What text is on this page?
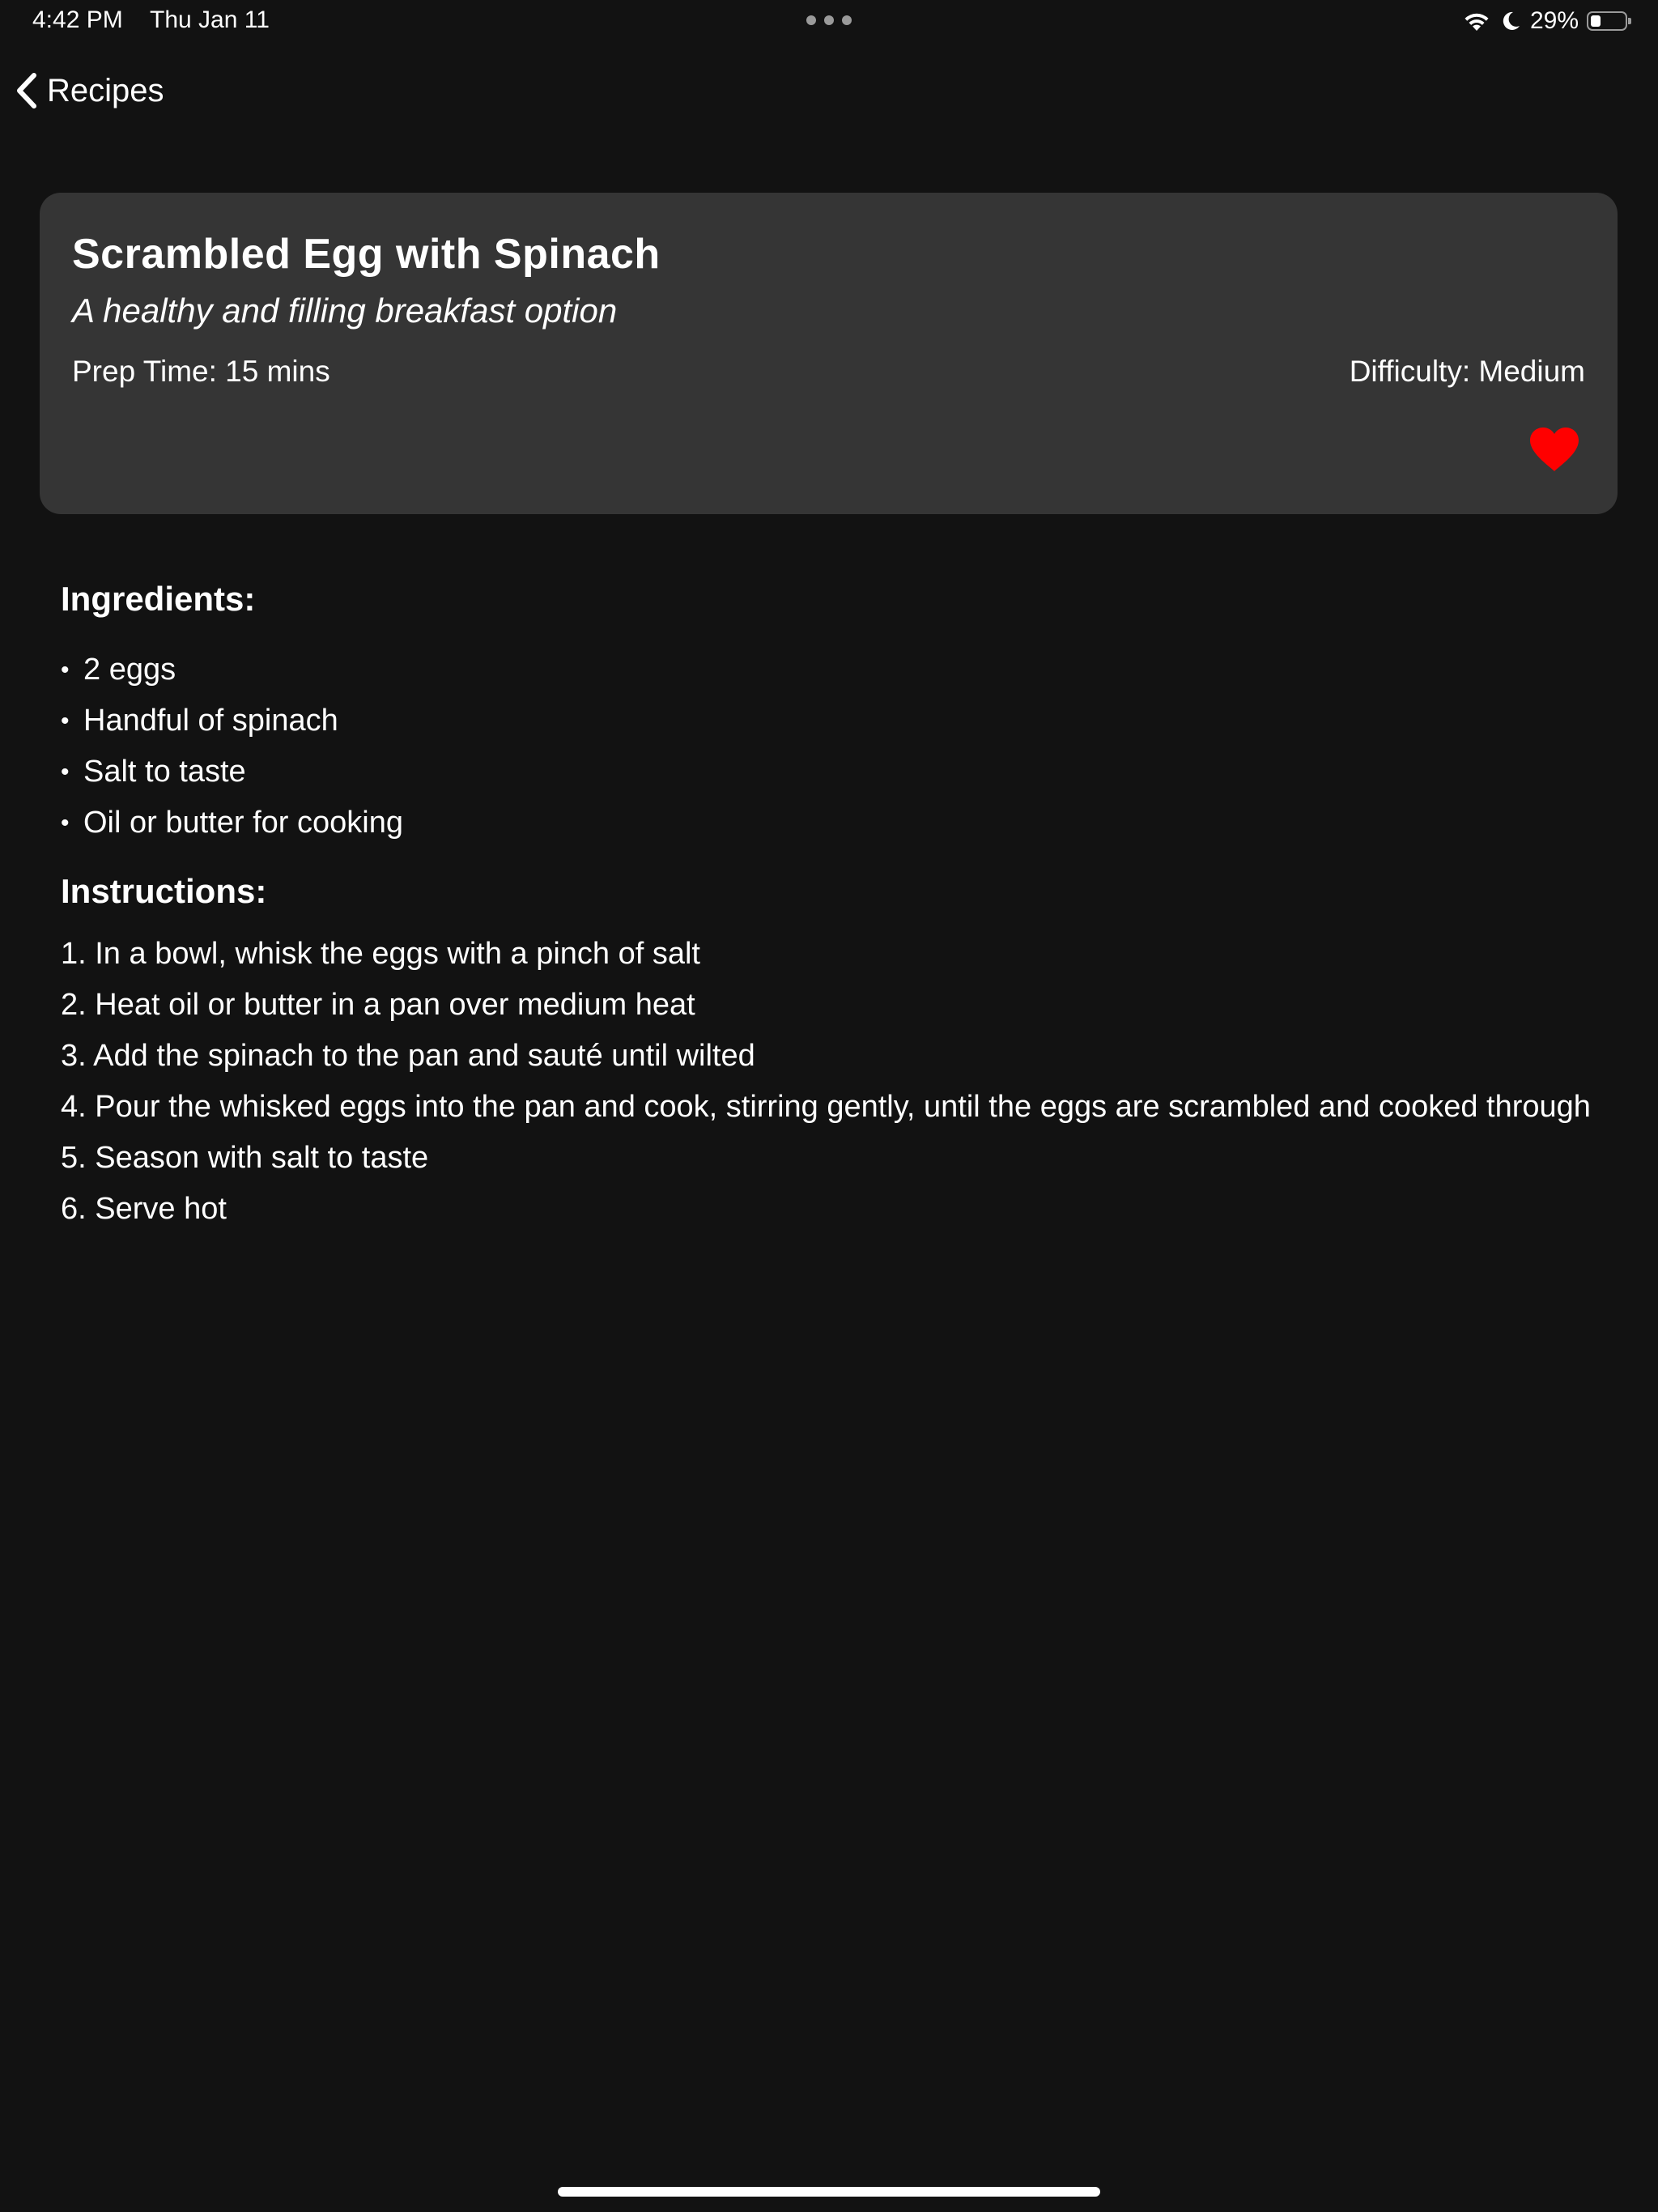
4:42 PM Thu Jan 11	29%
Recipes
Scrambled Egg with Spinach
A healthy and filling breakfast option
Prep Time: 15 mins	Difficulty: Medium
Ingredients:
• 2 eggs
• Handful of spinach
• Salt to taste
• Oil or butter for cooking
Instructions:
1. In a bowl, whisk the eggs with a pinch of salt
2. Heat oil or butter in a pan over medium heat
3. Add the spinach to the pan and sauté until wilted
4. Pour the whisked eggs into the pan and cook, stirring gently, until the eggs are scrambled and cooked through
5. Season with salt to taste
6. Serve hot
